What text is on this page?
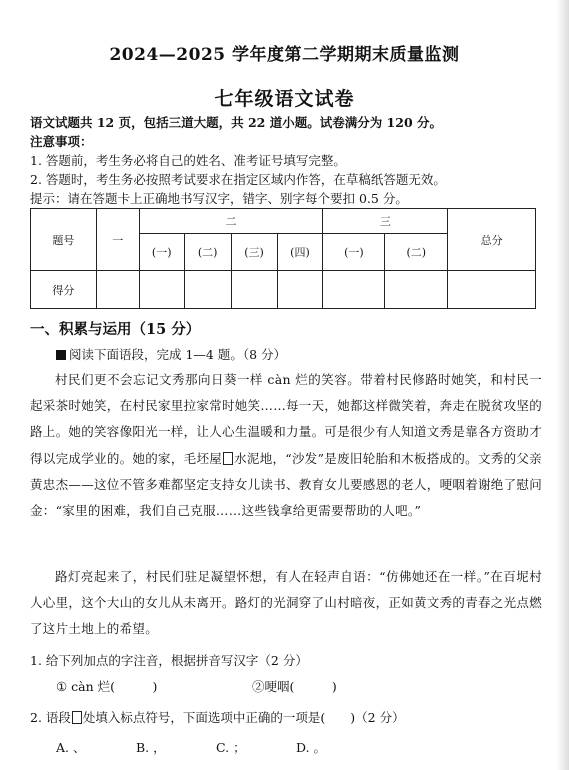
2024—2025 学年度第二学期期末质量监测
七年级语文试卷
语文试题共 12 页，包括三道大题，共 22 道小题。试卷满分为 120 分。
注意事项：
1. 答题前，考生务必将自己的姓名、准考证号填写完整。
2. 答题时，考生务必按照考试要求在指定区域内作答，在草稿纸答题无效。
提示：请在答题卡上正确地书写汉字，错字、别字每个要扣 0.5 分。
题号	一	二				三		总分
		(一)	(二)	(三)	(四)	(一)	(二)	
得分								
一、积累与运用（15 分）
阅读下面语段，完成 1—4 题。（8 分）
村民们更不会忘记文秀那向日葵一样 càn 烂的笑容。带着村民修路时她笑，和村民一起采茶时她笑，在村民家里拉家常时她笑……每一天，她都这样微笑着，奔走在脱贫攻坚的路上。她的笑容像阳光一样，让人心生温暖和力量。可是很少有人知道文秀是靠各方资助才得以完成学业的。她的家，毛坯屋 水泥地，“沙发”是废旧轮胎和木板搭成的。文秀的父亲黄忠杰——这位不管多难都坚定支持女儿读书、教育女儿要感恩的老人，哽咽着谢绝了慰问金：“家里的困难，我们自己克服……这些钱拿给更需要帮助的人吧。”
路灯亮起来了，村民们驻足凝望怀想，有人在轻声自语：“仿佛她还在一样。”在百坭村人心里，这个大山的女儿从未离开。路灯的光洞穿了山村暗夜，正如黄文秀的青春之光点燃了这片土地上的希望。
1. 给下列加点的字注音，根据拼音写汉字（2 分）
① càn 烂(　　　)	②哽咽(　　　)
2. 语段 处填入标点符号，下面选项中正确的一项是(　　)（2 分）
A. 、	B. ，	C. ；	D. 。
